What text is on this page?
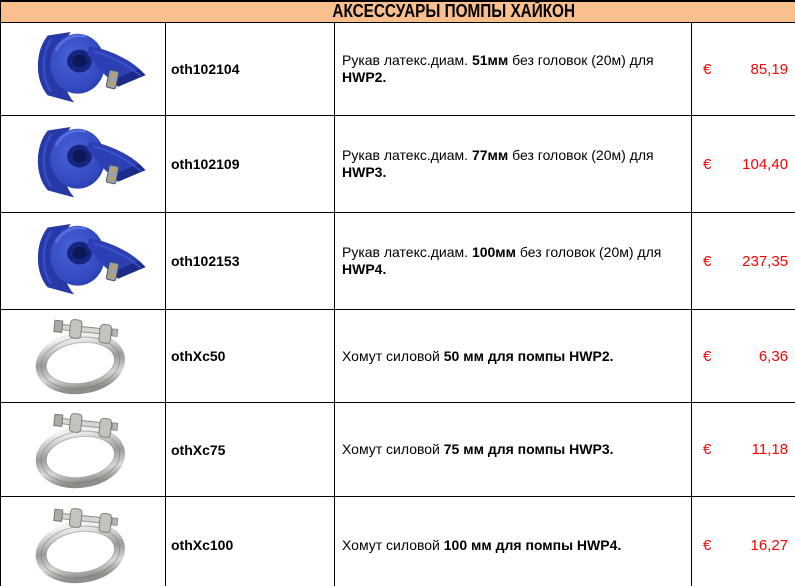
АКСЕССУАРЫ ПОМПЫ ХАЙКОН			
	oth102104	Рукав латекс.диам. 51мм без головок (20м) для HWP2.	€ 85,19

	oth102109	Рукав латекс.диам. 77мм без головок (20м) для HWP3.	€ 104,40

	oth102153	Рукав латекс.диам. 100мм без головок (20м) для HWP4.	€ 237,35

	othXc50	Хомут силовой 50 мм для помпы HWP2.	€ 6,36

	othXc75	Хомут силовой 75 мм для помпы HWP3.	€ 11,18

	othXc100	Хомут силовой 100 мм для помпы HWP4.	€ 16,27
